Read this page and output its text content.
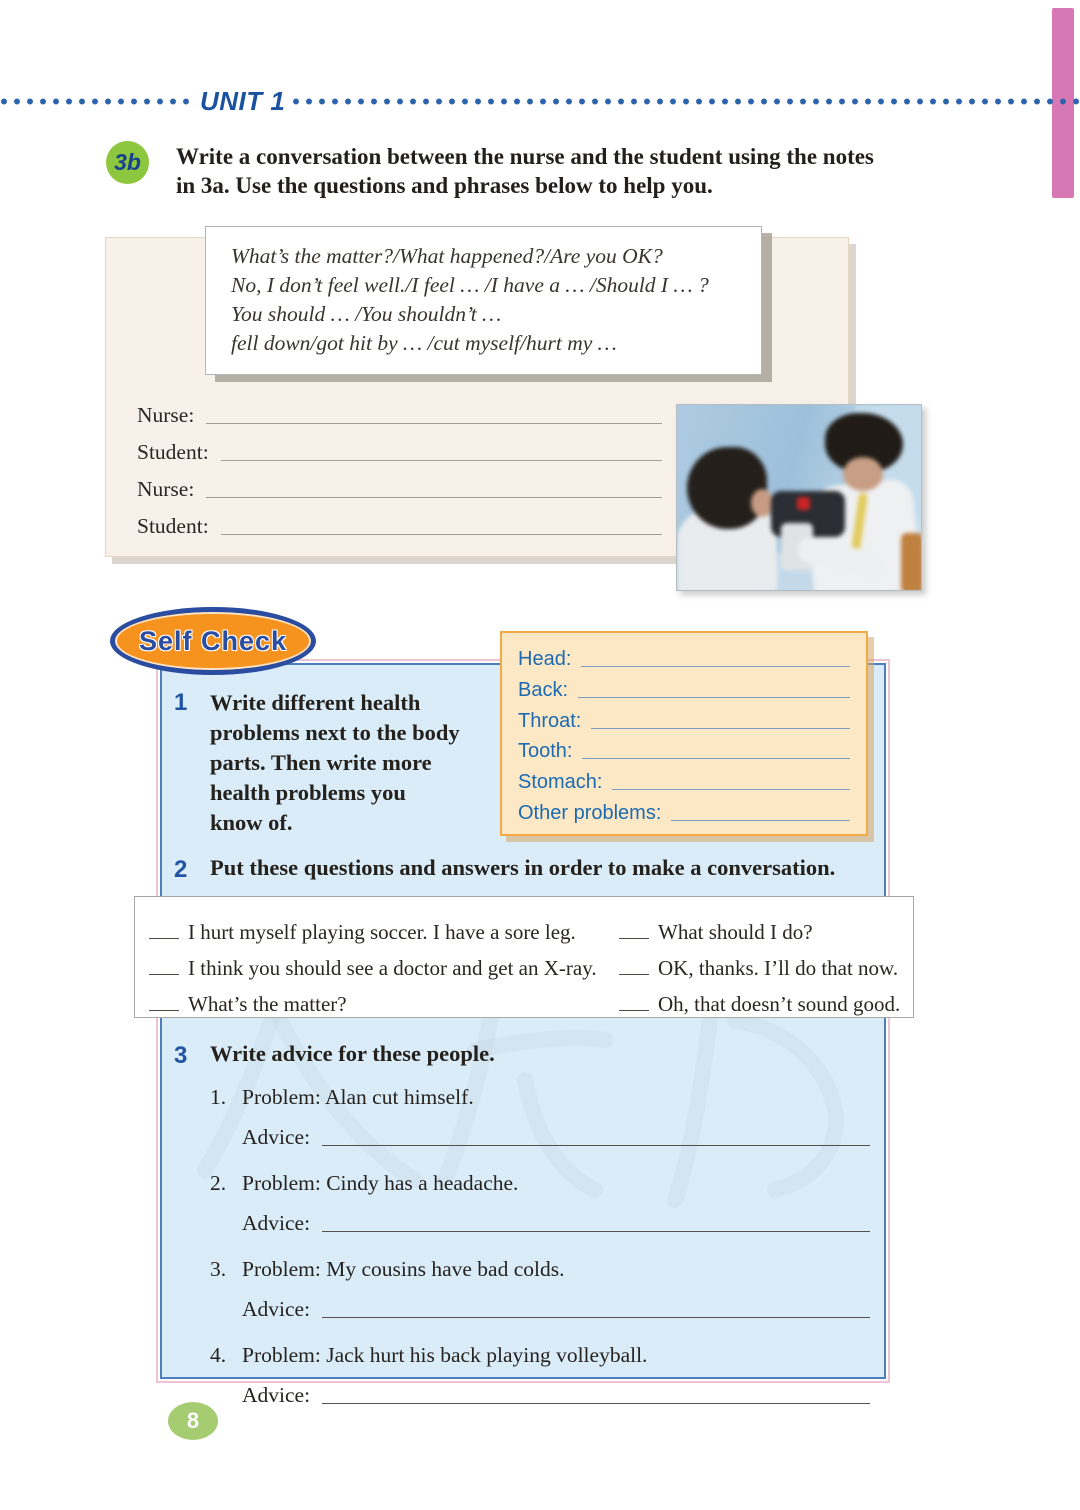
UNIT 1
3b Write a conversation between the nurse and the student using the notes
in 3a. Use the questions and phrases below to help you.
What’s the matter?/What happened?/Are you OK?
No, I don’t feel well./I feel … /I have a … /Should I … ?
You should … /You shouldn’t …
fell down/got hit by … /cut myself/hurt my …
Nurse:
Student:
Nurse:
Student:
Self Check
Head:
Back:
Throat:
Tooth:
Stomach:
Other problems:
1 Write different health problems next to the body parts. Then write more health problems you know of.
2 Put these questions and answers in order to make a conversation.
I hurt myself playing soccer. I have a sore leg.
I think you should see a doctor and get an X-ray.
What’s the matter?
What should I do?
OK, thanks. I’ll do that now.
Oh, that doesn’t sound good.
3 Write advice for these people.
1. Problem: Alan cut himself.
Advice:
2. Problem: Cindy has a headache.
Advice:
3. Problem: My cousins have bad colds.
Advice:
4. Problem: Jack hurt his back playing volleyball.
Advice:
8
